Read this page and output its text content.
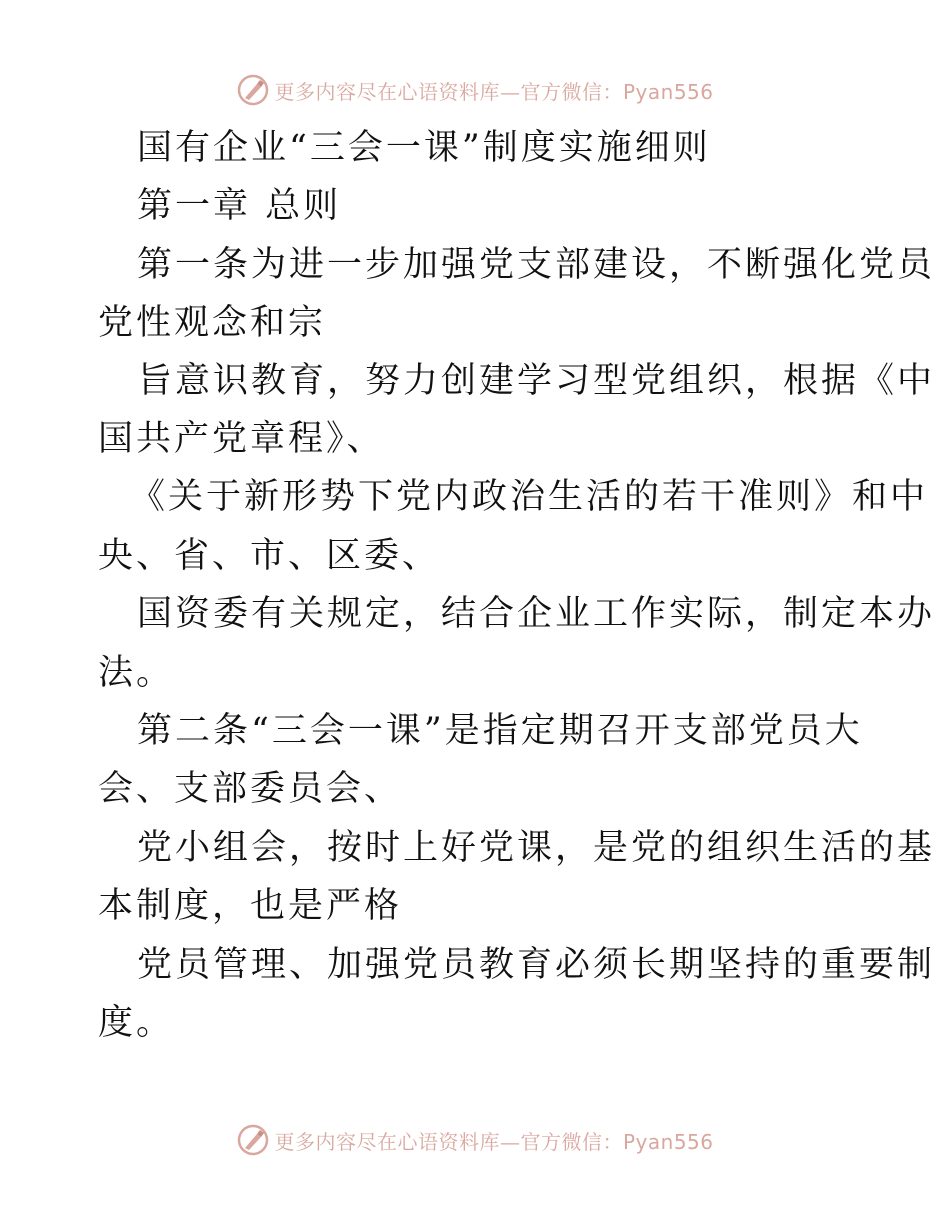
更多内容尽在心语资料库—官方微信：Pyan556
国有企业“三会一课”制度实施细则
第一章 总则
第一条为进一步加强党支部建设，不断强化党员
党性观念和宗
旨意识教育，努力创建学习型党组织，根据《中
国共产党章程》、
《关于新形势下党内政治生活的若干准则》和中
央、省、市、区委、
国资委有关规定，结合企业工作实际，制定本办
法。
第二条“三会一课”是指定期召开支部党员大
会、支部委员会、
党小组会，按时上好党课，是党的组织生活的基
本制度，也是严格
党员管理、加强党员教育必须长期坚持的重要制
度。
更多内容尽在心语资料库—官方微信：Pyan556
